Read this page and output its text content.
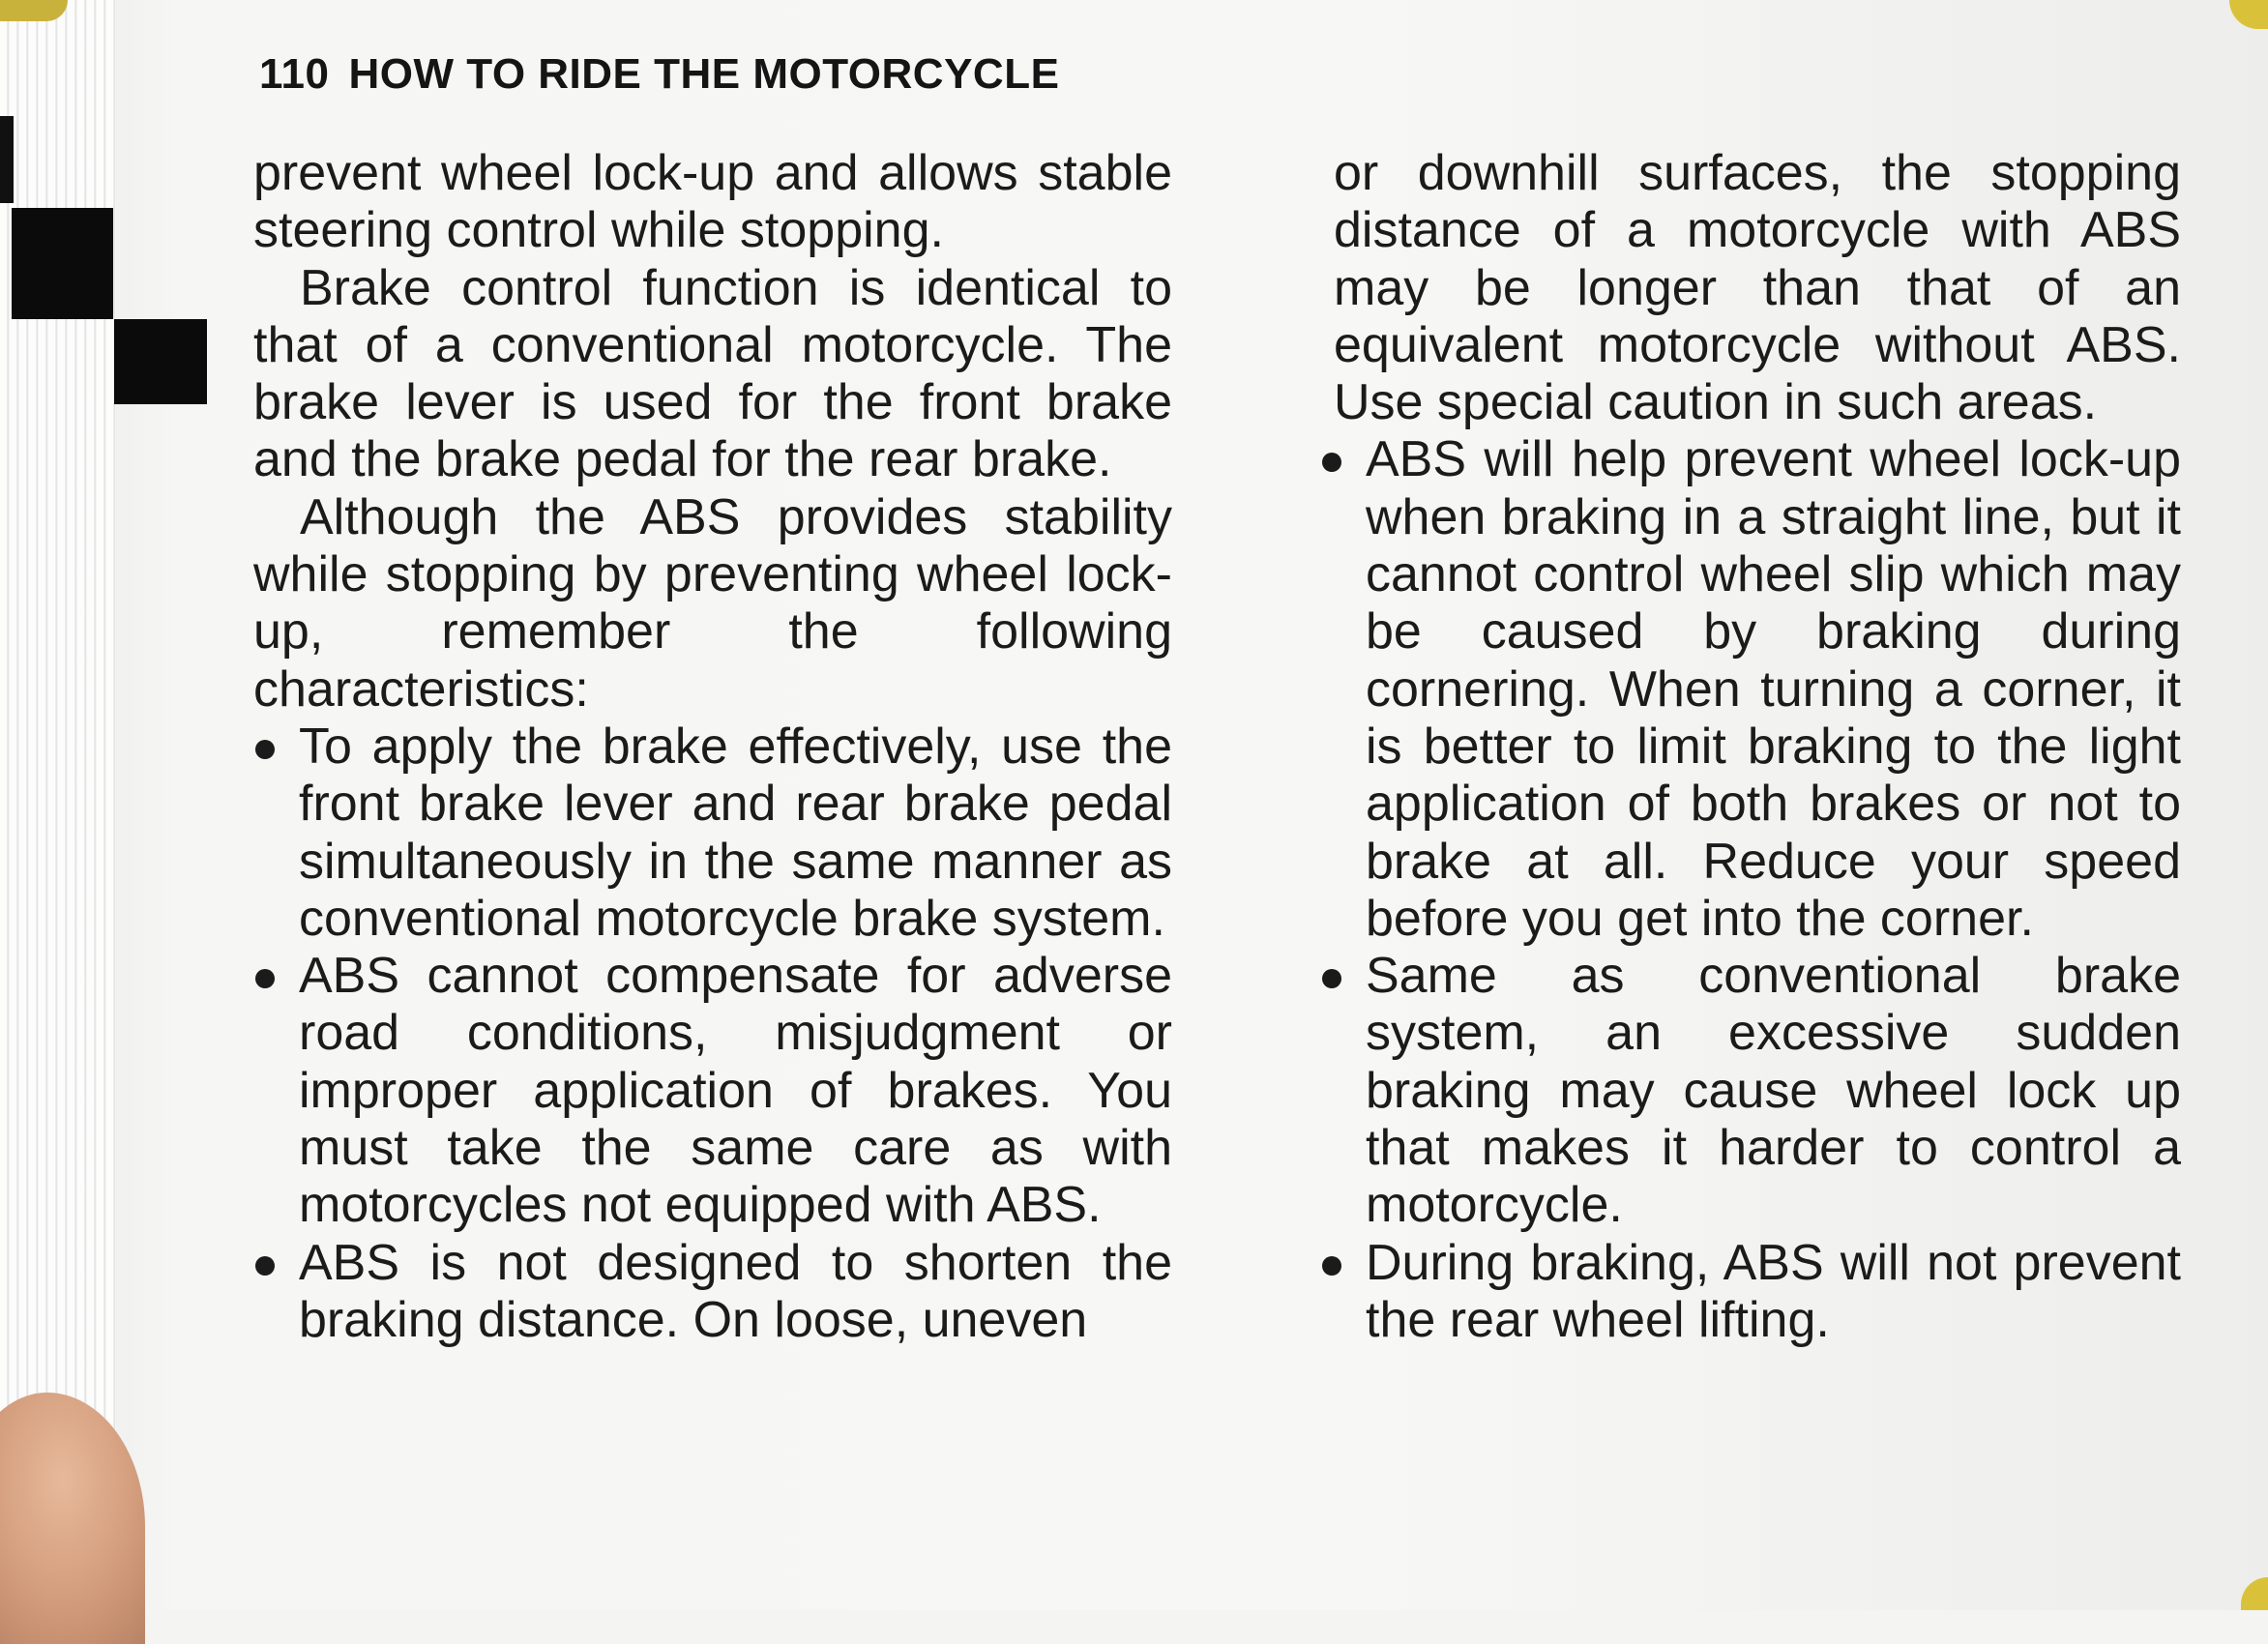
110 HOW TO RIDE THE MOTORCYCLE

prevent wheel lock-up and allows stable steering control while stopping.

Brake control function is identical to that of a conventional motorcycle. The brake lever is used for the front brake and the brake pedal for the rear brake.

Although the ABS provides stability while stopping by preventing wheel lock-up, remember the following characteristics:

To apply the brake effectively, use the front brake lever and rear brake pedal simultaneously in the same manner as conventional motorcycle brake system.
ABS cannot compensate for adverse road conditions, misjudgment or improper application of brakes. You must take the same care as with motorcycles not equipped with ABS.
ABS is not designed to shorten the braking distance. On loose, uneven

or downhill surfaces, the stopping distance of a motorcycle with ABS may be longer than that of an equivalent motorcycle without ABS. Use special caution in such areas.

ABS will help prevent wheel lock-up when braking in a straight line, but it cannot control wheel slip which may be caused by braking during cornering. When turning a corner, it is better to limit braking to the light application of both brakes or not to brake at all. Reduce your speed before you get into the corner.
Same as conventional brake system, an excessive sudden braking may cause wheel lock up that makes it harder to control a motorcycle.
During braking, ABS will not prevent the rear wheel lifting.
